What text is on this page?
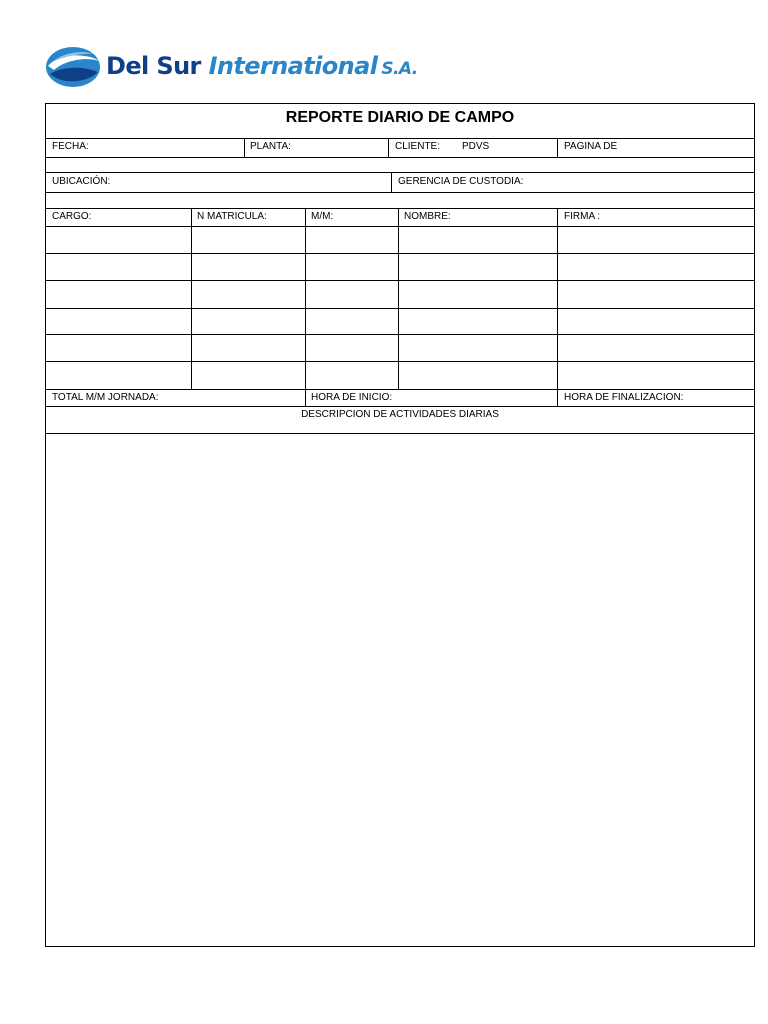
Del Sur International S.A.
REPORTE DIARIO DE CAMPO
FECHA:	PLANTA:	CLIENTE: PDVS	PAGINA DE
UBICACIÓN:	GERENCIA DE CUSTODIA:
CARGO:	N MATRICULA:	M/M:	NOMBRE:	FIRMA :
TOTAL M/M JORNADA:	HORA DE INICIO:	HORA DE FINALIZACION:
DESCRIPCION DE ACTIVIDADES DIARIAS
